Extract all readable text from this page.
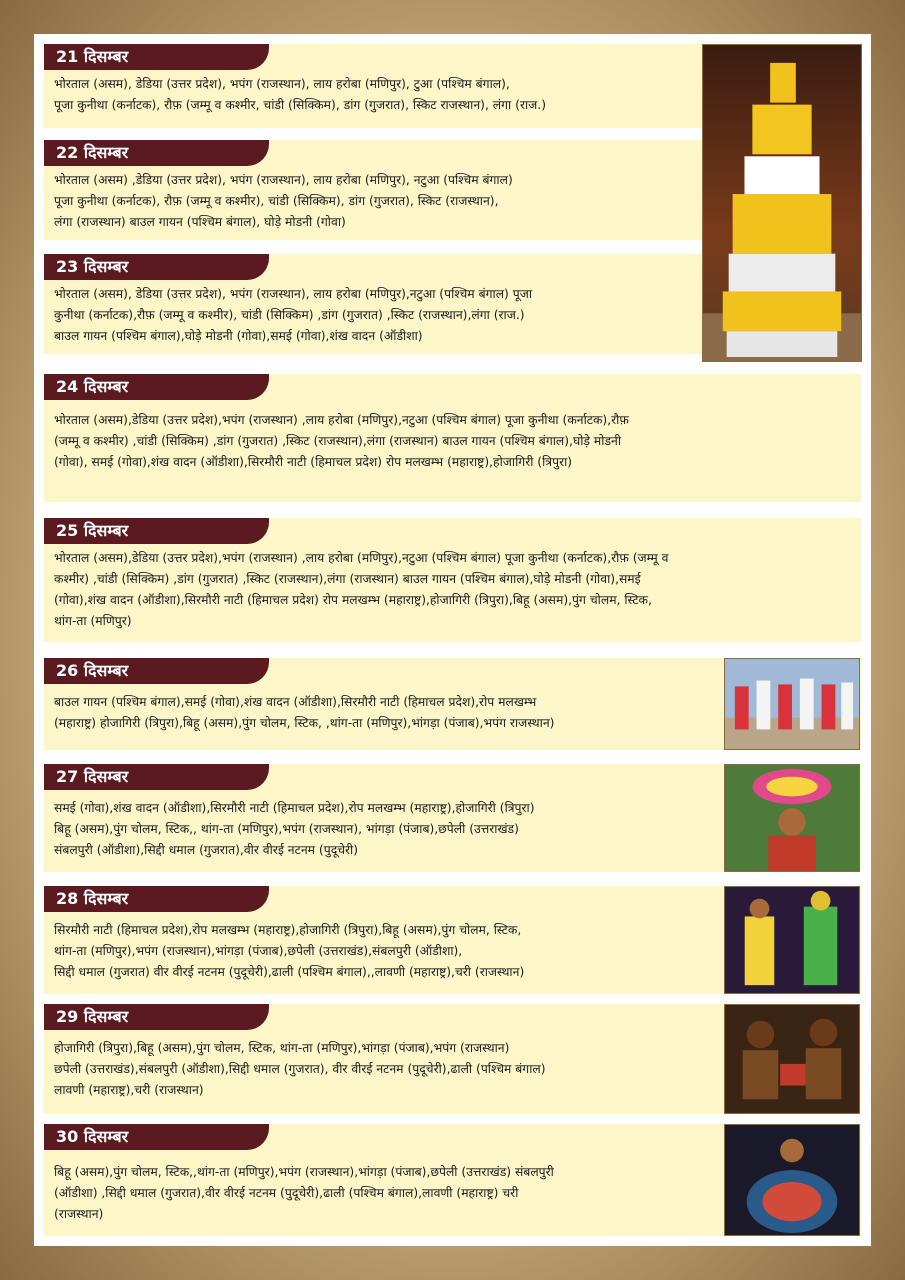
21 दिसम्बर
भोरताल (असम), डेडिया (उत्तर प्रदेश), भपंग (राजस्थान), लाय हरोबा (मणिपुर), टुआ (पश्चिम बंगाल),
पूजा कुनीथा (कर्नाटक), रौफ़ (जम्मू व कश्मीर, चांडी (सिक्किम), डांग (गुजरात), स्किट राजस्थान), लंगा (राज.)
22 दिसम्बर
भोरताल (असम) ,डेडिया (उत्तर प्रदेश), भपंग (राजस्थान), लाय हरोबा (मणिपुर), नटुआ (पश्चिम बंगाल)
पूजा कुनीथा (कर्नाटक), रौफ़ (जम्मू व कश्मीर), चांडी (सिक्किम), डांग (गुजरात), स्किट (राजस्थान),
लंगा (राजस्थान) बाउल गायन (पश्चिम बंगाल), घोड़े मोडनी (गोवा)
23 दिसम्बर
भोरताल (असम), डेडिया (उत्तर प्रदेश), भपंग (राजस्थान), लाय हरोबा (मणिपुर),नटुआ (पश्चिम बंगाल) पूजा
कुनीथा (कर्नाटक),रौफ़ (जम्मू व कश्मीर), चांडी (सिक्किम) ,डांग (गुजरात) ,स्किट (राजस्थान),लंगा (राज.)
बाउल गायन (पश्चिम बंगाल),घोड़े मोडनी (गोवा),समई (गोवा),शंख वादन (ऑडीशा)
24 दिसम्बर
भोरताल (असम),डेडिया (उत्तर प्रदेश),भपंग (राजस्थान) ,लाय हरोबा (मणिपुर),नटुआ (पश्चिम बंगाल) पूजा कुनीथा (कर्नाटक),रौफ़
(जम्मू व कश्मीर) ,चांडी (सिक्किम) ,डांग (गुजरात) ,स्किट (राजस्थान),लंगा (राजस्थान) बाउल गायन (पश्चिम बंगाल),घोड़े मोडनी
(गोवा), समई (गोवा),शंख वादन (ऑडीशा),सिरमौरी नाटी (हिमाचल प्रदेश) रोप मलखम्भ (महाराष्ट्र),होजागिरी (त्रिपुरा)
25 दिसम्बर
भोरताल (असम),डेडिया (उत्तर प्रदेश),भपंग (राजस्थान) ,लाय हरोबा (मणिपुर),नटुआ (पश्चिम बंगाल) पूजा कुनीथा (कर्नाटक),रौफ़ (जम्मू व
कश्मीर) ,चांडी (सिक्किम) ,डांग (गुजरात) ,स्किट (राजस्थान),लंगा (राजस्थान) बाउल गायन (पश्चिम बंगाल),घोड़े मोडनी (गोवा),समई
(गोवा),शंख वादन (ऑडीशा),सिरमौरी नाटी (हिमाचल प्रदेश) रोप मलखम्भ (महाराष्ट्र),होजागिरी (त्रिपुरा),बिहू (असम),पुंग चोलम, स्टिक,
थांग-ता (मणिपुर)
26 दिसम्बर
बाउल गायन (पश्चिम बंगाल),समई (गोवा),शंख वादन (ऑडीशा),सिरमौरी नाटी (हिमाचल प्रदेश),रोप मलखम्भ
(महाराष्ट्र) होजागिरी (त्रिपुरा),बिहू (असम),पुंग चोलम, स्टिक, ,थांग-ता (मणिपुर),भांगड़ा (पंजाब),भपंग राजस्थान)
27 दिसम्बर
समई (गोवा),शंख वादन (ऑडीशा),सिरमौरी नाटी (हिमाचल प्रदेश),रोप मलखम्भ (महाराष्ट्र),होजागिरी (त्रिपुरा)
बिहू (असम),पुंग चोलम, स्टिक,, थांग-ता (मणिपुर),भपंग (राजस्थान), भांगड़ा (पंजाब),छपेली (उत्तराखंड)
संबलपुरी (ऑडीशा),सिद्दी धमाल (गुजरात),वीर वीरई नटनम (पुदूचेरी)
28 दिसम्बर
सिरमौरी नाटी (हिमाचल प्रदेश),रोप मलखम्भ (महाराष्ट्र),होजागिरी (त्रिपुरा),बिहू (असम),पुंग चोलम, स्टिक,
थांग-ता (मणिपुर),भपंग (राजस्थान),भांगड़ा (पंजाब),छपेली (उत्तराखंड),संबलपुरी (ऑडीशा),
सिद्दी धमाल (गुजरात) वीर वीरई नटनम (पुदूचेरी),ढाली (पश्चिम बंगाल),,लावणी (महाराष्ट्र),चरी (राजस्थान)
29 दिसम्बर
होजागिरी (त्रिपुरा),बिहू (असम),पुंग चोलम, स्टिक, थांग-ता (मणिपुर),भांगड़ा (पंजाब),भपंग (राजस्थान)
छपेली (उत्तराखंड),संबलपुरी (ऑडीशा),सिद्दी धमाल (गुजरात), वीर वीरई नटनम (पुदूचेरी),ढाली (पश्चिम बंगाल)
लावणी (महाराष्ट्र),चरी (राजस्थान)
30 दिसम्बर
बिहू (असम),पुंग चोलम, स्टिक,,थांग-ता (मणिपुर),भपंग (राजस्थान),भांगड़ा (पंजाब),छपेली (उत्तराखंड) संबलपुरी
(ऑडीशा) ,सिद्दी धमाल (गुजरात),वीर वीरई नटनम (पुदूचेरी),ढाली (पश्चिम बंगाल),लावणी (महाराष्ट्र) चरी
(राजस्थान)
